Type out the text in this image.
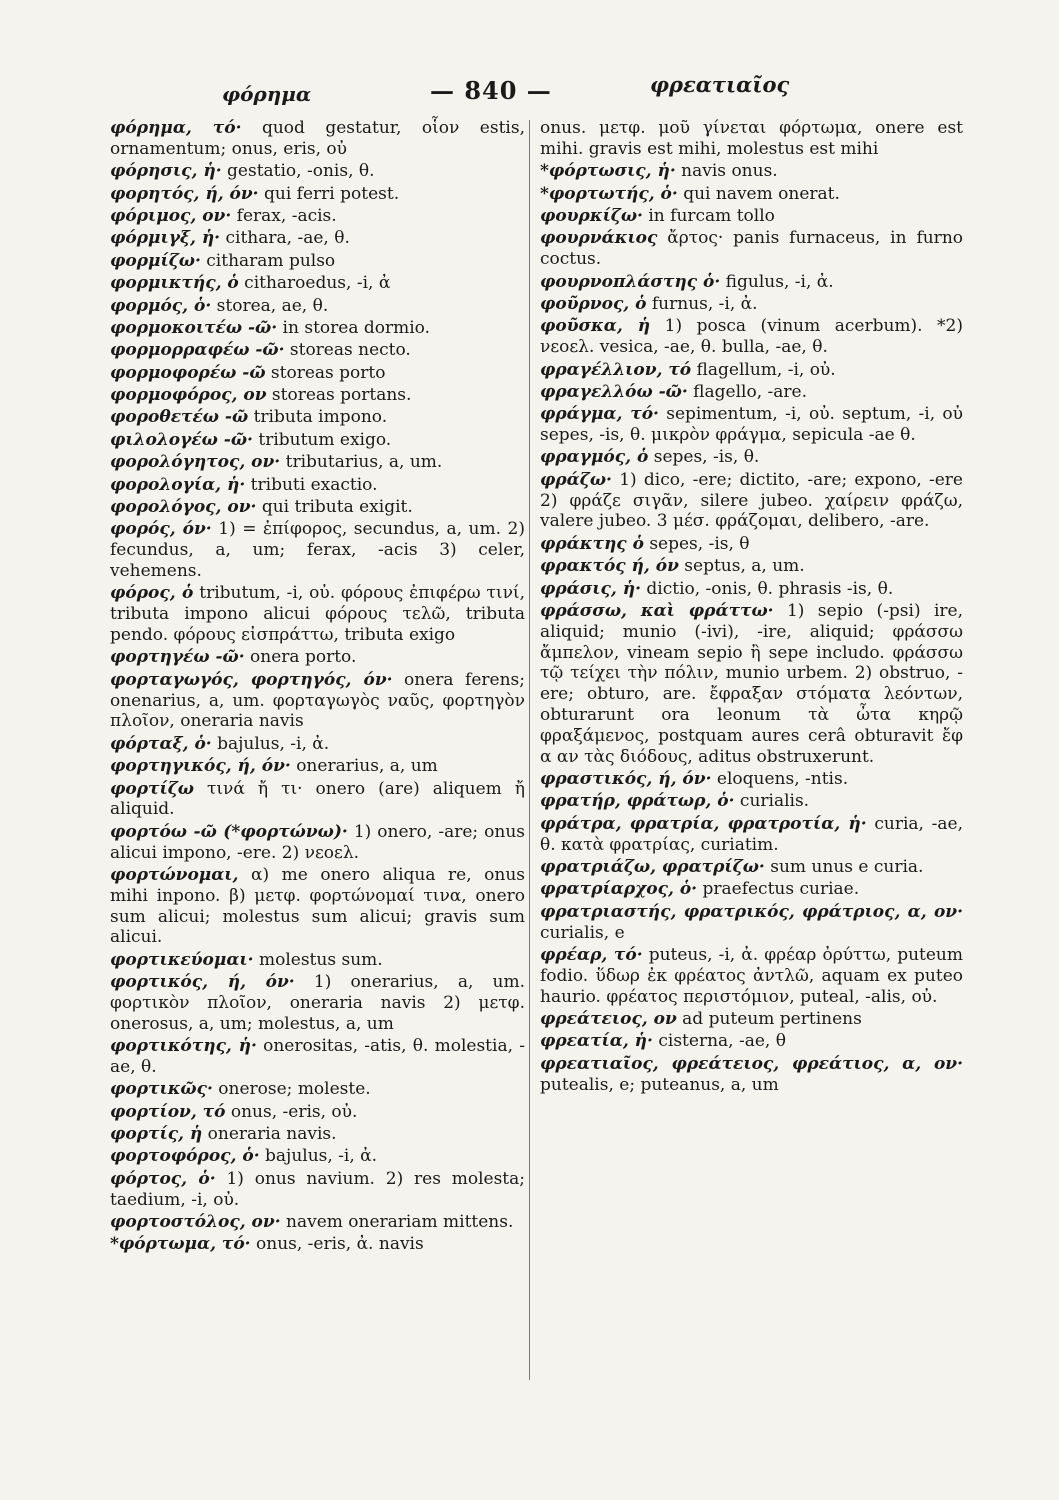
φόρημα	— 840 —	φρεατιαῖος

φόρημα, τό· quod gestatur, οἷον estis, ornamentum; onus, eris, οὐ

φόρησις, ἡ· gestatio, -onis, θ.

φορητός, ή, όν· qui ferri potest.

φόριμος, ον· ferax, -acis.

φόρμιγξ, ἡ· cithara, -ae, θ.

φορμίζω· citharam pulso

φορμικτής, ὁ citharoedus, -i, ἀ

φορμός, ὁ· storea, ae, θ.

φορμοκοιτέω -ῶ· in storea dormio.

φορμορραφέω -ῶ· storeas necto.

φορμοφορέω -ῶ storeas porto

φορμοφόρος, ον storeas portans.

φοροθετέω -ῶ tributa impono.

φιλολογέω -ῶ· tributum exigo.

φορολόγητος, ον· tributarius, a, um.

φορολογία, ἡ· tributi exactio.

φορολόγος, ον· qui tributa exigit.

φορός, όν· 1) = ἐπίφορος, secundus, a, um. 2) fecundus, a, um; ferax, -acis 3) celer, vehemens.

φόρος, ὁ tributum, -i, οὐ. φόρους ἐπιφέρω τινί, tributa impono alicui φόρους τελῶ, tributa pendo. φόρους εἰσπράττω, tributa exigo

φορτηγέω -ῶ· onera porto.

φορταγωγός, φορτηγός, όν· onera ferens; onenarius, a, um. φορταγωγὸς ναῦς, φορτηγὸν πλοῖον, oneraria navis

φόρταξ, ὁ· bajulus, -i, ἀ.

φορτηγικός, ή, όν· onerarius, a, um

φορτίζω τινά ἤ τι· onero (are) aliquem ἤ aliquid.

φορτόω -ῶ (*φορτώνω)· 1) onero, -are; onus alicui impono, -ere. 2) νεοελ.

φορτώνομαι, α) me onero aliqua re, onus mihi inpono. β) μετφ. φορτώνομαί τινα, onero sum alicui; molestus sum alicui; gravis sum alicui.

φορτικεύομαι· molestus sum.

φορτικός, ή, όν· 1) onerarius, a, um. φορτικὸν πλοῖον, oneraria navis 2) μετφ. onerosus, a, um; molestus, a, um

φορτικότης, ἡ· onerositas, -atis, θ. molestia, -ae, θ.

φορτικῶς· onerose; moleste.

φορτίον, τό onus, -eris, οὐ.

φορτίς, ἡ oneraria navis.

φορτοφόρος, ὁ· bajulus, -i, ἀ.

φόρτος, ὁ· 1) onus navium. 2) res molesta; taedium, -i, οὐ.

φορτοστόλος, ον· navem onerariam mittens.

*φόρτωμα, τό· onus, -eris, ἀ. navis

onus. μετφ. μοῦ γίνεται φόρτωμα, onere est mihi. gravis est mihi, molestus est mihi

*φόρτωσις, ἡ· navis onus.

*φορτωτής, ὁ· qui navem onerat.

φουρκίζω· in furcam tollo

φουρνάκιος ἄρτος· panis furnaceus, in furno coctus.

φουρνοπλάστης ὁ· figulus, -i, ἀ.

φοῦρνος, ὁ furnus, -i, ἀ.

φοῦσκα, ἡ 1) posca (vinum acerbum). *2) νεοελ. vesica, -ae, θ. bulla, -ae, θ.

φραγέλλιον, τό flagellum, -i, οὐ.

φραγελλόω -ῶ· flagello, -are.

φράγμα, τό· sepimentum, -i, οὐ. septum, -i, οὐ sepes, -is, θ. μικρὸν φράγμα, sepicula -ae θ.

φραγμός, ὁ sepes, -is, θ.

φράζω· 1) dico, -ere; dictito, -are; expono, -ere 2) φράζε σιγᾶν, silere jubeo. χαίρειν φράζω, valere jubeo. 3 μέσ. φράζομαι, delibero, -are.

φράκτης ὁ sepes, -is, θ

φρακτός ή, όν septus, a, um.

φράσις, ἡ· dictio, -onis, θ. phrasis -is, θ.

φράσσω, καὶ φράττω· 1) sepio (-psi) ire, aliquid; munio (-ivi), -ire, aliquid; φράσσω ἄμπελον, vineam sepio ἢ sepe includo. φράσσω τῷ τείχει τὴν πόλιν, munio urbem. 2) obstruo, -ere; obturo, are. ἔφραξαν στόματα λεόντων, obturarunt ora leonum τὰ ὦτα κηρῷ φραξάμενος, postquam aures cerâ obturavit ἔφ α αν τὰς διόδους, aditus obstruxerunt.

φραστικός, ή, όν· eloquens, -ntis.

φρατήρ, φράτωρ, ὁ· curialis.

φράτρα, φρατρία, φρατροτία, ἡ· curia, -ae, θ. κατὰ φρατρίας, curiatim.

φρατριάζω, φρατρίζω· sum unus e curia.

φρατρίαρχος, ὁ· praefectus curiae.

φρατριαστής, φρατρικός, φράτριος, α, ον· curialis, e

φρέαρ, τό· puteus, -i, ἀ. φρέαρ ὀρύττω, puteum fodio. ὕδωρ ἐκ φρέατος ἀντλῶ, aquam ex puteo haurio. φρέατος περιστόμιον, puteal, -alis, οὐ.

φρεάτειος, ον ad puteum pertinens

φρεατία, ἡ· cisterna, -ae, θ

φρεατιαῖος, φρεάτειος, φρεάτιος, α, ον· putealis, e; puteanus, a, um
